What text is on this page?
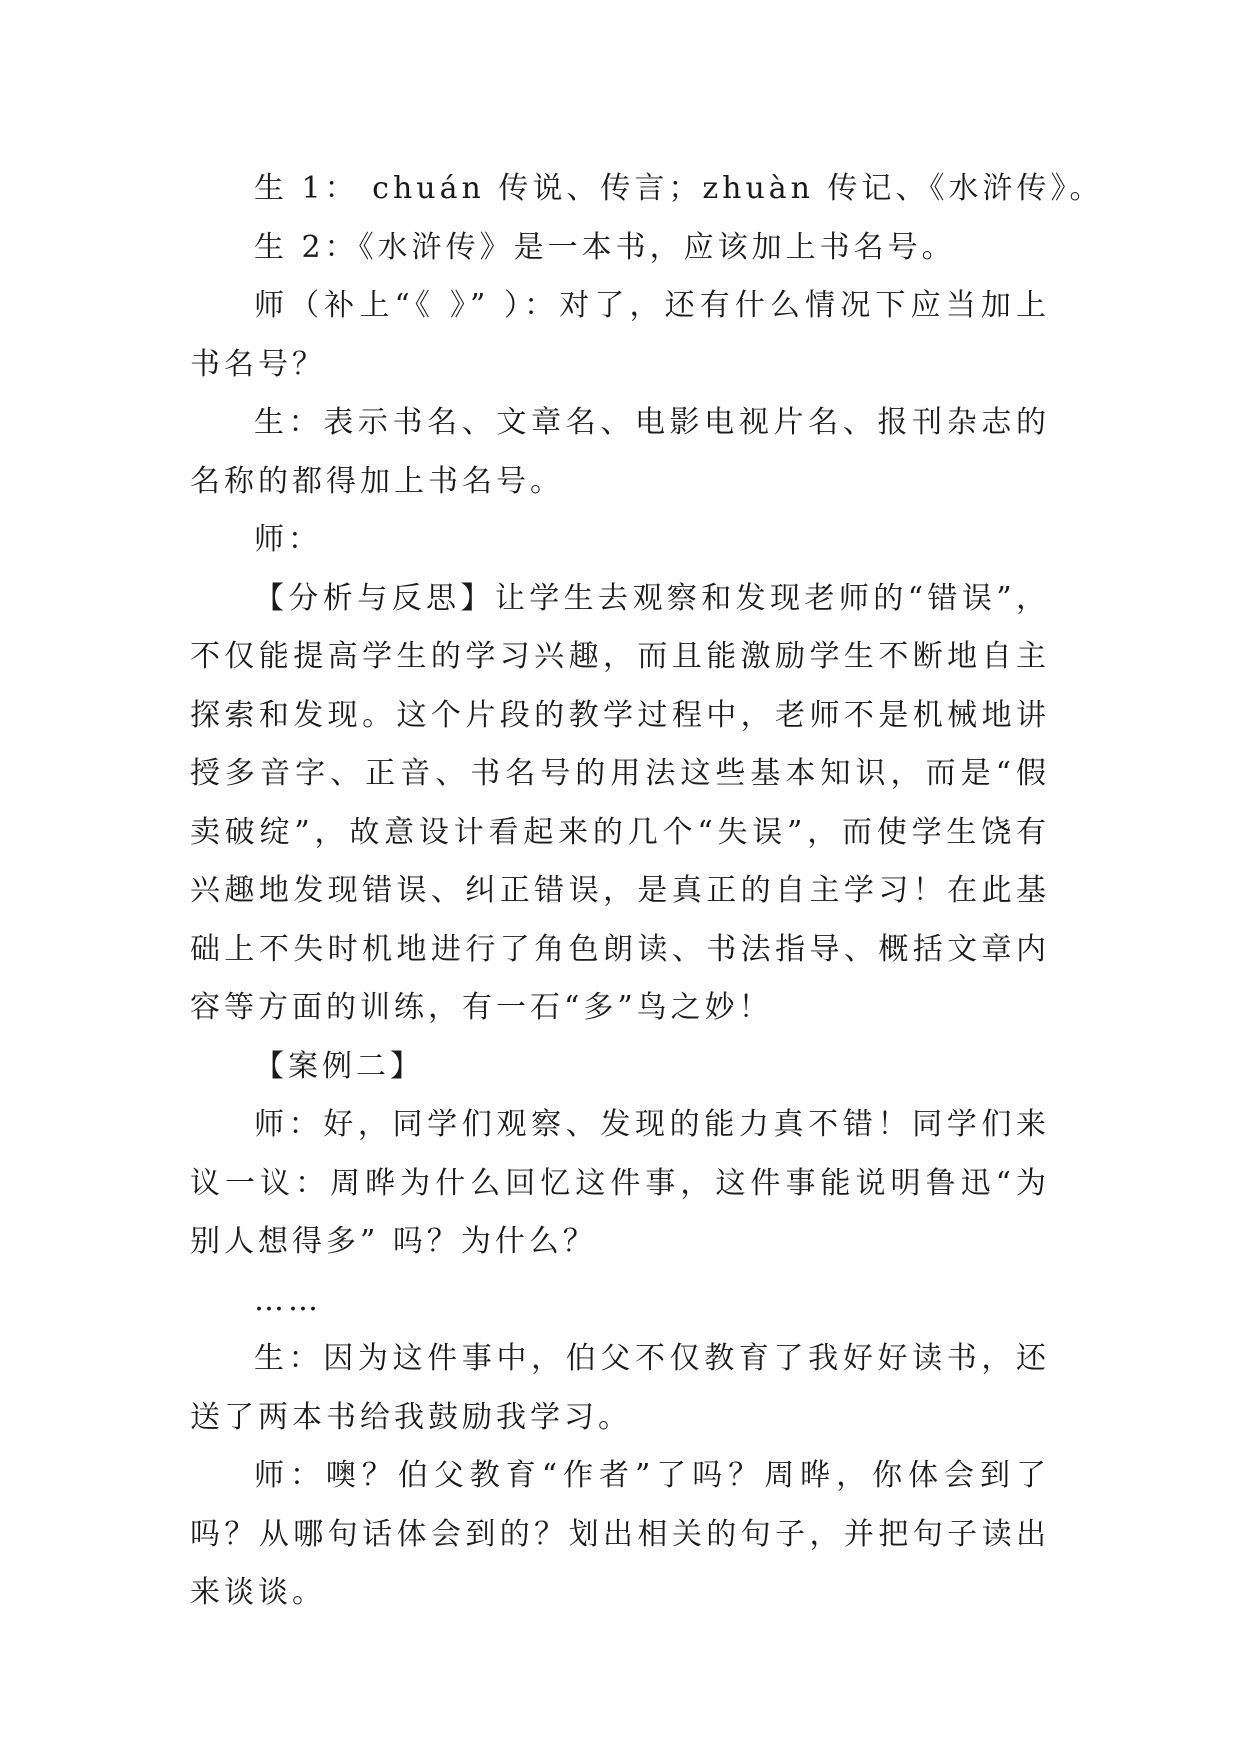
生 1： chuán 传说、传言；zhuàn 传记、《水浒传》。

生 2：《水浒传》是一本书，应该加上书名号。

师（补上“《 》” ）：对了，还有什么情况下应当加上书名号？

生：表示书名、文章名、电影电视片名、报刊杂志的名称的都得加上书名号。

师：

【分析与反思】让学生去观察和发现老师的“错误”，不仅能提高学生的学习兴趣，而且能激励学生不断地自主探索和发现。这个片段的教学过程中，老师不是机械地讲授多音字、正音、书名号的用法这些基本知识，而是“假卖破绽”，故意设计看起来的几个“失误”，而使学生饶有兴趣地发现错误、纠正错误，是真正的自主学习！在此基础上不失时机地进行了角色朗读、书法指导、概括文章内容等方面的训练，有一石“多”鸟之妙！

【案例二】

师：好，同学们观察、发现的能力真不错！同学们来议一议：周晔为什么回忆这件事，这件事能说明鲁迅“为别人想得多” 吗？为什么？

……

生：因为这件事中，伯父不仅教育了我好好读书，还送了两本书给我鼓励我学习。

师：噢？伯父教育“作者”了吗？周晔，你体会到了吗？从哪句话体会到的？划出相关的句子，并把句子读出来谈谈。
